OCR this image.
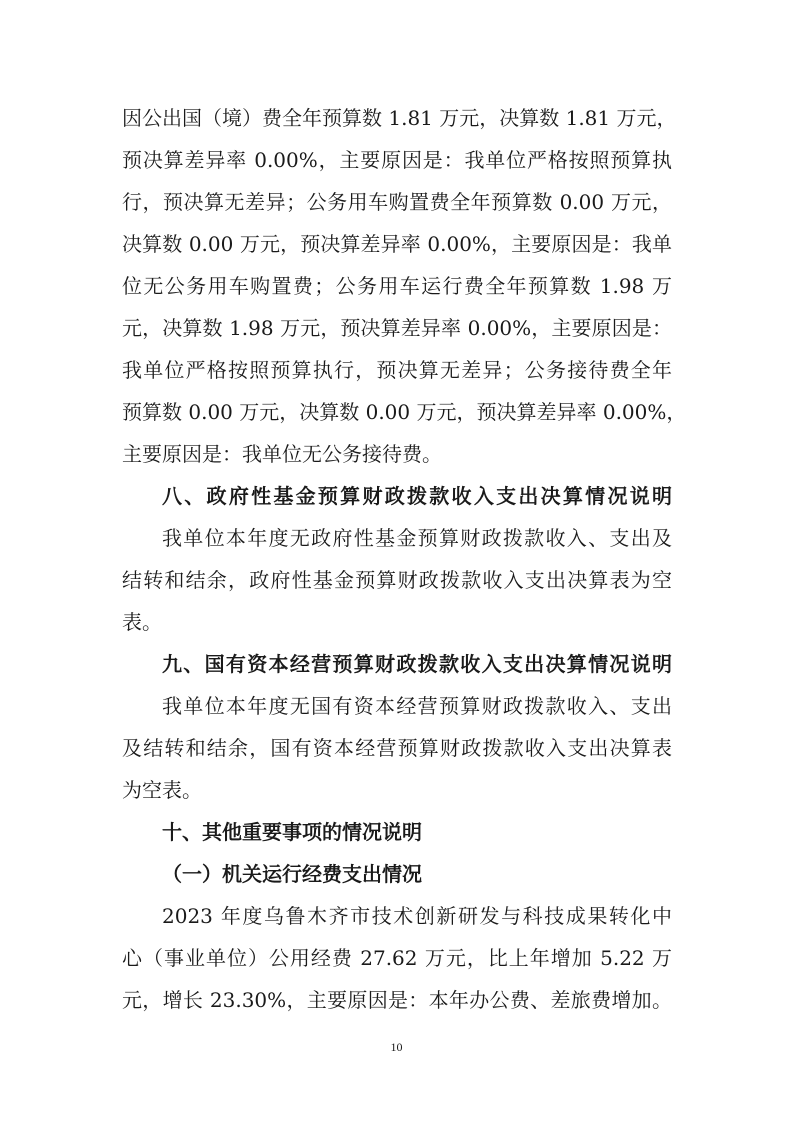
因公出国（境）费全年预算数 1.81 万元，决算数 1.81 万元，
预决算差异率 0.00%，主要原因是：我单位严格按照预算执
行，预决算无差异；公务用车购置费全年预算数 0.00 万元，
决算数 0.00 万元，预决算差异率 0.00%，主要原因是：我单
位无公务用车购置费；公务用车运行费全年预算数 1.98 万
元，决算数 1.98 万元，预决算差异率 0.00%，主要原因是：
我单位严格按照预算执行，预决算无差异；公务接待费全年
预算数 0.00 万元，决算数 0.00 万元，预决算差异率 0.00%，
主要原因是：我单位无公务接待费。
八、政府性基金预算财政拨款收入支出决算情况说明
我单位本年度无政府性基金预算财政拨款收入、支出及
结转和结余，政府性基金预算财政拨款收入支出决算表为空
表。
九、国有资本经营预算财政拨款收入支出决算情况说明
我单位本年度无国有资本经营预算财政拨款收入、支出
及结转和结余，国有资本经营预算财政拨款收入支出决算表
为空表。
十、其他重要事项的情况说明
（一）机关运行经费支出情况
2023 年度乌鲁木齐市技术创新研发与科技成果转化中
心（事业单位）公用经费 27.62 万元，比上年增加 5.22 万
元，增长 23.30%，主要原因是：本年办公费、差旅费增加。
10
